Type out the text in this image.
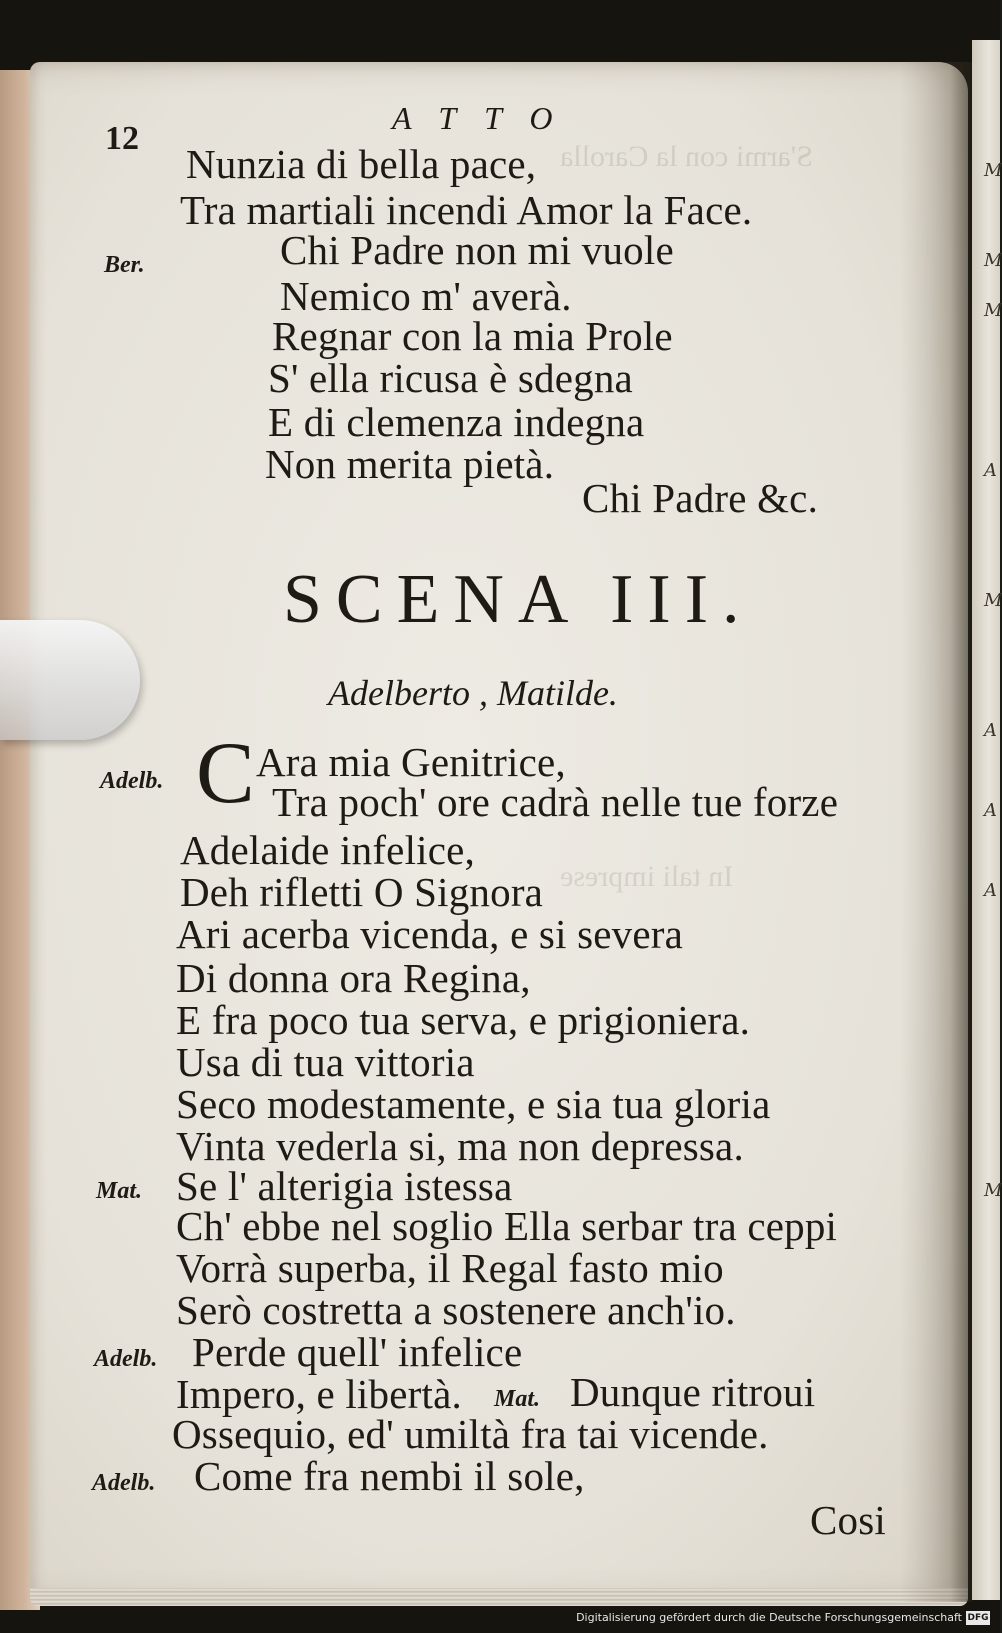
M
M
M
A
M
A
A
A
M
S'armi con la Carolla
In tali imprese
12
ATTO
Ber.
Nunzia di bella pace,
Tra martiali incendi Amor la Face.
Chi Padre non mi vuole
Nemico m' averà.
Regnar con la mia Prole
S' ella ricusa è sdegna
E di clemenza indegna
Non merita pietà.
Chi Padre &c.
SCENA III.
Adelberto , Matilde.
C
Adelb.
Mat.
Adelb.
Mat.
Adelb.
Ara mia Genitrice,
Tra poch' ore cadrà nelle tue forze
Adelaide infelice,
Deh rifletti O Signora
Ari acerba vicenda, e si severa
Di donna ora Regina,
E fra poco tua serva, e prigioniera.
Usa di tua vittoria
Seco modestamente, e sia tua gloria
Vinta vederla si, ma non depressa.
Se l' alterigia istessa
Ch' ebbe nel soglio Ella serbar tra ceppi
Vorrà superba, il Regal fasto mio
Serò costretta a sostenere anch'io.
Perde quell' infelice
Impero, e libertà.	Dunque ritroui
Ossequio, ed' umiltà fra tai vicende.
Come fra nembi il sole,
Cosi
Digitalisierung gefördert durch die Deutsche Forschungsgemeinschaft DFG
